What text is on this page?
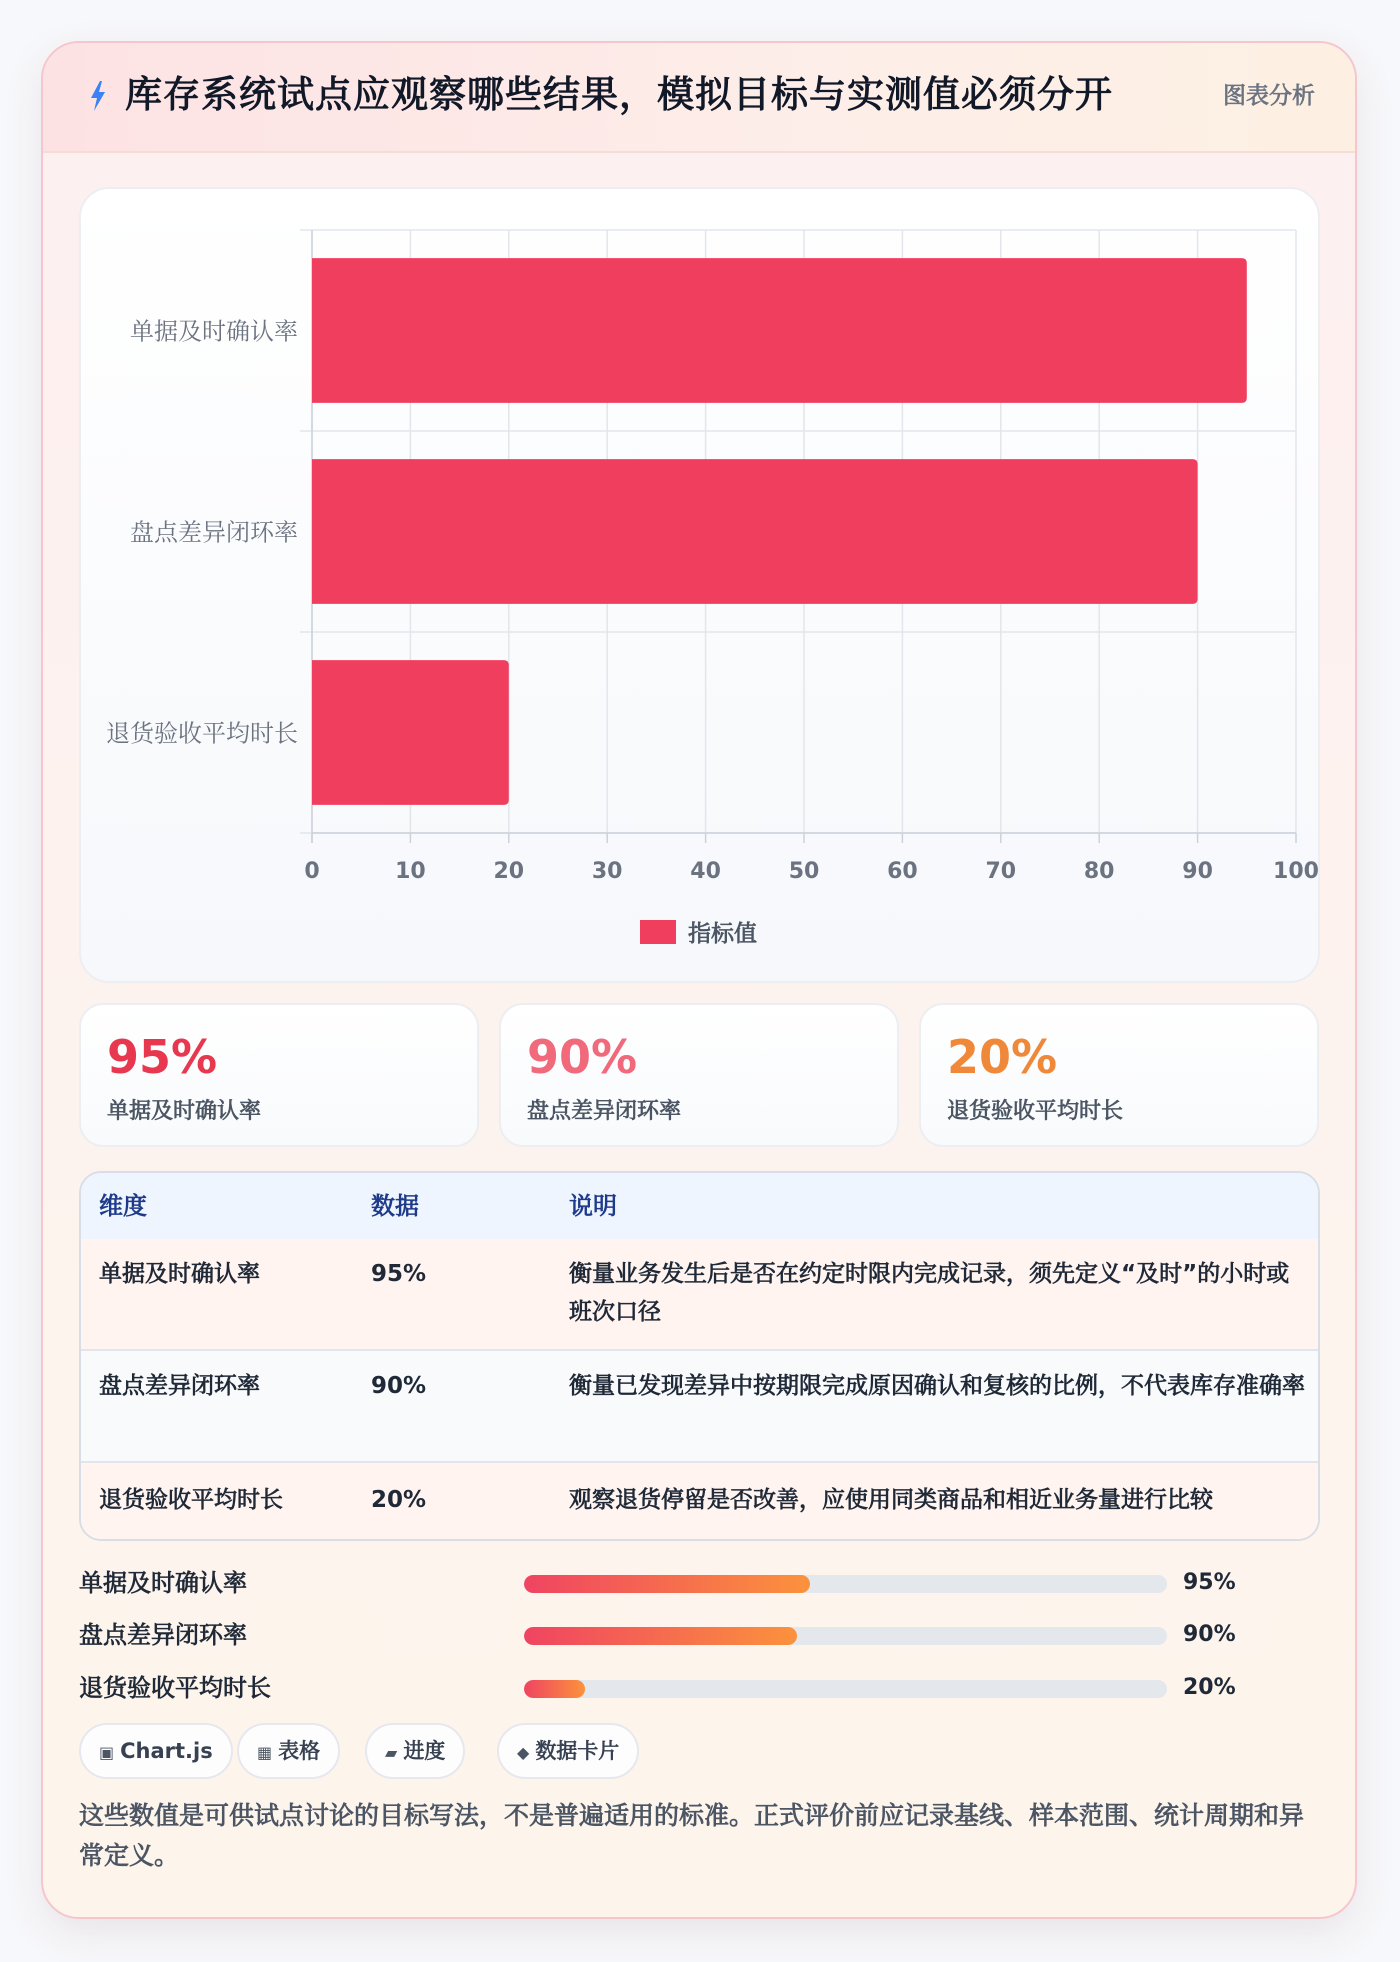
库存系统试点应观察哪些结果，模拟目标与实测值必须分开	图表分析
单据及时确认率
盘点差异闭环率
退货验收平均时长
0	10	20	30	40	50	60	70	80	90	100
指标值
95%
单据及时确认率
90%
盘点差异闭环率
20%
退货验收平均时长
维度	数据	说明
单据及时确认率	95%	衡量业务发生后是否在约定时限内完成记录，须先定义“及时”的小时或班次口径
盘点差异闭环率	90%	衡量已发现差异中按期限完成原因确认和复核的比例，不代表库存准确率
退货验收平均时长	20%	观察退货停留是否改善，应使用同类商品和相近业务量进行比较
单据及时确认率	95%
盘点差异闭环率	90%
退货验收平均时长	20%
▣ Chart.js	▦ 表格	▰ 进度	◆ 数据卡片
这些数值是可供试点讨论的目标写法，不是普遍适用的标准。正式评价前应记录基线、样本范围、统计周期和异常定义。
